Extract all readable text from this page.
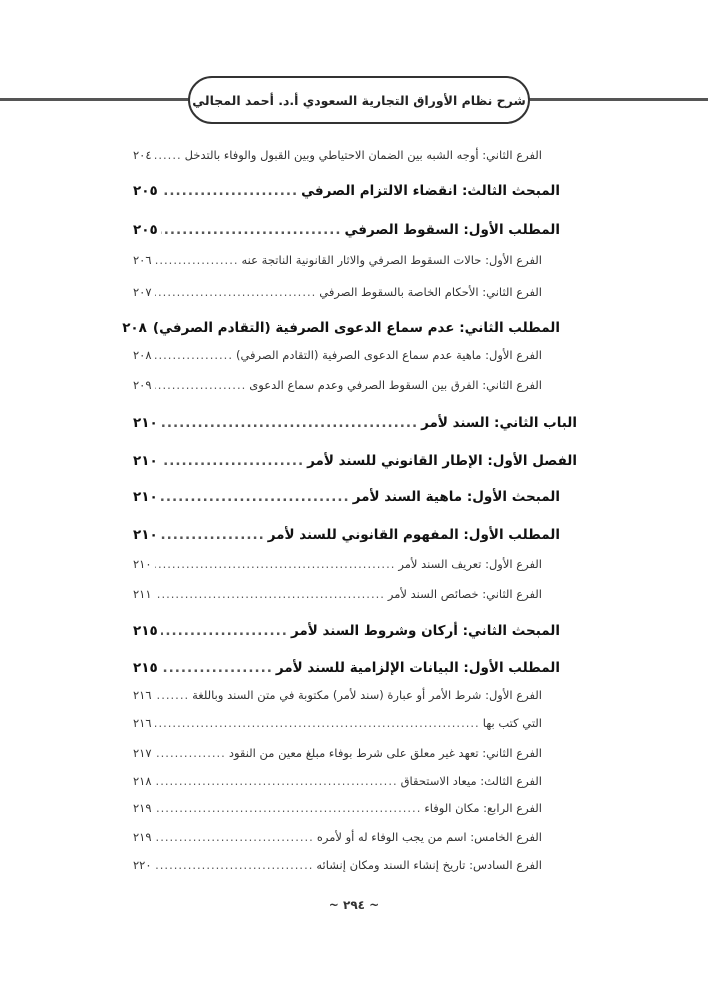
شرح نظام الأوراق التجارية السعودي أ.د. أحمد المجالي
الفرع الثاني: أوجه الشبه بين الضمان الاحتياطي وبين القبول والوفاء بالتدخل
.....
٢٠٤
المبحث الثالث: انقضاء الالتزام الصرفي
.....
٢٠٥
المطلب الأول: السقوط الصرفي
.....
٢٠٥
الفرع الأول: حالات السقوط الصرفي والاثار القانونية الناتجة عنه
.....
٢٠٦
الفرع الثاني: الأحكام الخاصة بالسقوط الصرفي
.....
٢٠٧
المطلب الثاني: عدم سماع الدعوى الصرفية (التقادم الصرفي)
٢٠٨
الفرع الأول: ماهية عدم سماع الدعوى الصرفية (التقادم الصرفي)
.....
٢٠٨
الفرع الثاني: الفرق بين السقوط الصرفي وعدم سماع الدعوى
.....
٢٠٩
الباب الثاني: السند لأمر
.....
٢١٠
الفصل الأول: الإطار القانوني للسند لأمر
.....
٢١٠
المبحث الأول: ماهية السند لأمر
.....
٢١٠
المطلب الأول: المفهوم القانوني للسند لأمر
.....
٢١٠
الفرع الأول: تعريف السند لأمر
.....
٢١٠
الفرع الثاني: خصائص السند لأمر
.....
٢١١
المبحث الثاني: أركان وشروط السند لأمر
.....
٢١٥
المطلب الأول: البيانات الإلزامية للسند لأمر
.....
٢١٥
الفرع الأول: شرط الأمر أو عبارة (سند لأمر) مكتوبة في متن السند وباللغة
.....
٢١٦
التي كتب بها
.....
٢١٦
الفرع الثاني: تعهد غير معلق على شرط بوفاء مبلغ معين من النقود
.....
٢١٧
الفرع الثالث: ميعاد الاستحقاق
.....
٢١٨
الفرع الرابع: مكان الوفاء
.....
٢١٩
الفرع الخامس: اسم من يجب الوفاء له أو لأمره
.....
٢١٩
الفرع السادس: تاريخ إنشاء السند ومكان إنشائه
.....
٢٢٠
~ ٢٩٤ ~
